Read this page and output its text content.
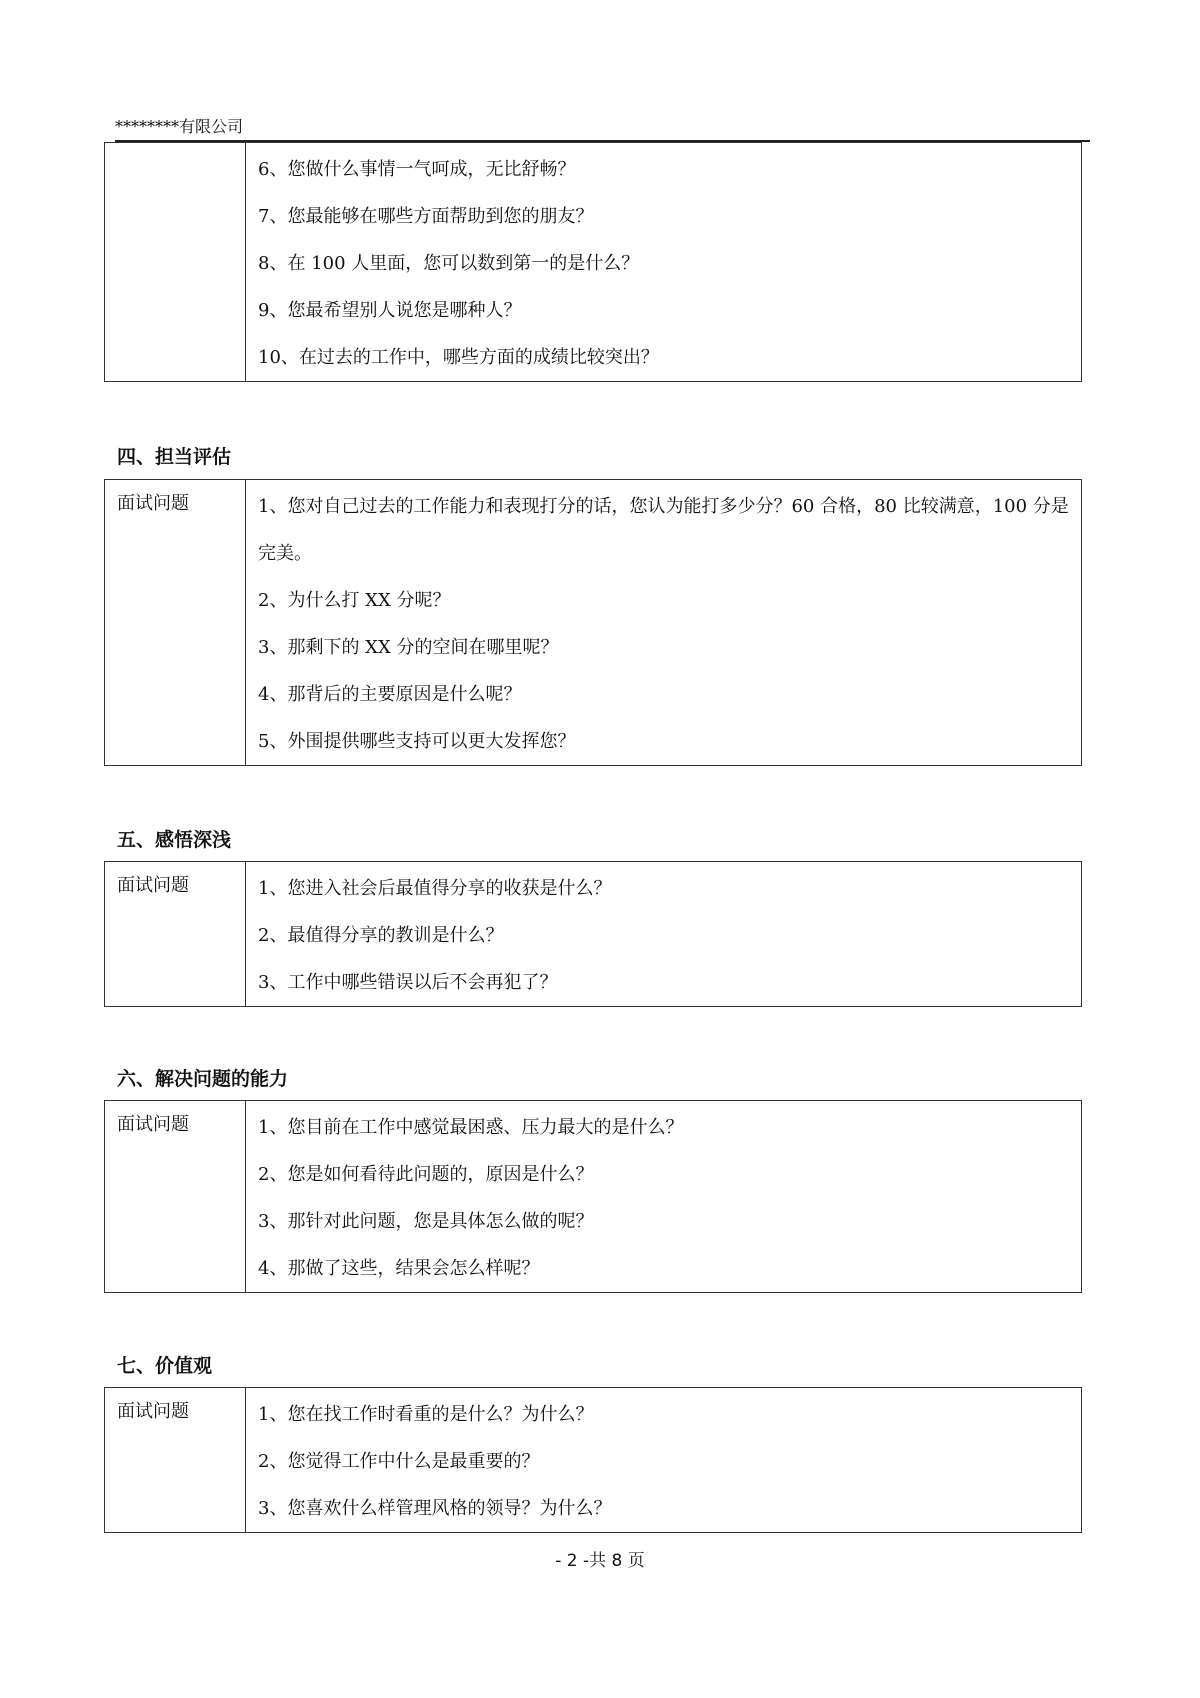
********有限公司

6、您做什么事情一气呵成，无比舒畅？
7、您最能够在哪些方面帮助到您的朋友？
8、在 100 人里面，您可以数到第一的是什么？
9、您最希望别人说您是哪种人？
10、在过去的工作中，哪些方面的成绩比较突出？
四、担当评估
面试问题	1、您对自己过去的工作能力和表现打分的话，您认为能打多少分？60 合格，80 比较满意，100 分是完美。
2、为什么打 XX 分呢？
3、那剩下的 XX 分的空间在哪里呢？
4、那背后的主要原因是什么呢？
5、外围提供哪些支持可以更大发挥您？
五、感悟深浅
面试问题	1、您进入社会后最值得分享的收获是什么？
2、最值得分享的教训是什么？
3、工作中哪些错误以后不会再犯了？
六、解决问题的能力
面试问题	1、您目前在工作中感觉最困惑、压力最大的是什么？
2、您是如何看待此问题的，原因是什么？
3、那针对此问题，您是具体怎么做的呢？
4、那做了这些，结果会怎么样呢？
七、价值观
面试问题	1、您在找工作时看重的是什么？为什么？
2、您觉得工作中什么是最重要的？
3、您喜欢什么样管理风格的领导？为什么？
- 2 -共 8 页
